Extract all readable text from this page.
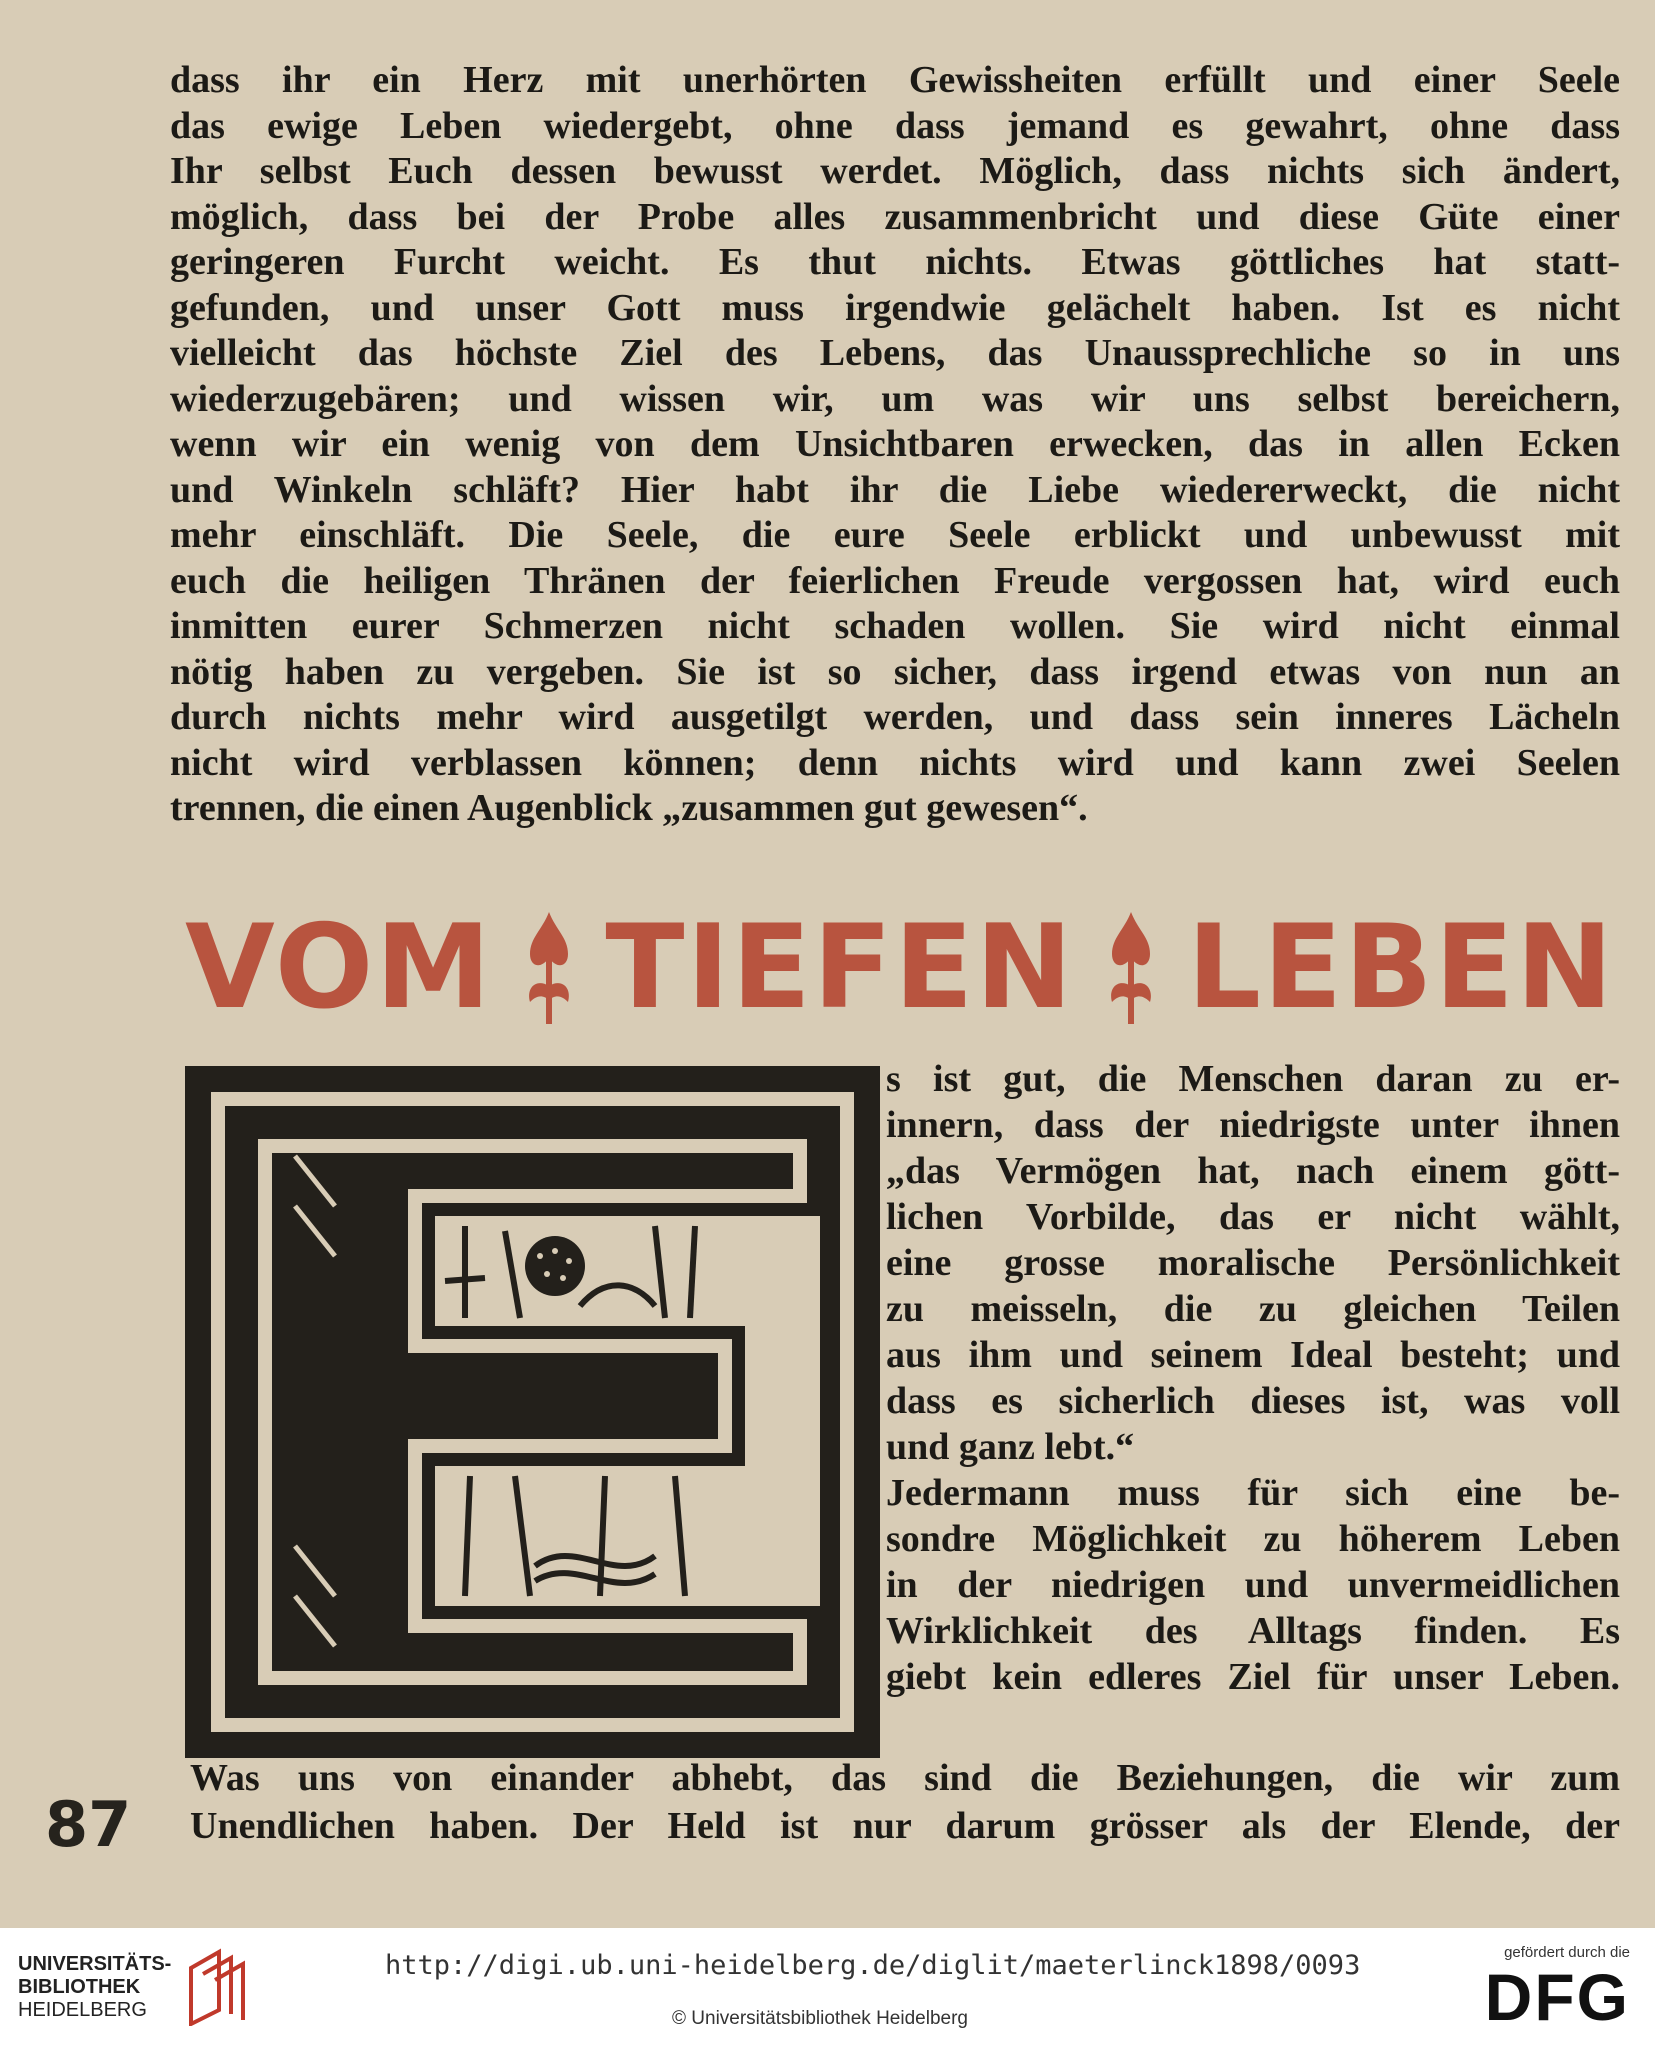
dass ihr ein Herz mit unerhörten Gewissheiten erfüllt und einer Seele
das ewige Leben wiedergebt, ohne dass jemand es gewahrt, ohne dass
Ihr selbst Euch dessen bewusst werdet. Möglich, dass nichts sich ändert,
möglich, dass bei der Probe alles zusammenbricht und diese Güte einer
geringeren Furcht weicht. Es thut nichts. Etwas göttliches hat statt-
gefunden, und unser Gott muss irgendwie gelächelt haben. Ist es nicht
vielleicht das höchste Ziel des Lebens, das Unaussprechliche so in uns
wiederzugebären; und wissen wir, um was wir uns selbst bereichern,
wenn wir ein wenig von dem Unsichtbaren erwecken, das in allen Ecken
und Winkeln schläft? Hier habt ihr die Liebe wiedererweckt, die nicht
mehr einschläft. Die Seele, die eure Seele erblickt und unbewusst mit
euch die heiligen Thränen der feierlichen Freude vergossen hat, wird euch
inmitten eurer Schmerzen nicht schaden wollen. Sie wird nicht einmal
nötig haben zu vergeben. Sie ist so sicher, dass irgend etwas von nun an
durch nichts mehr wird ausgetilgt werden, und dass sein inneres Lächeln
nicht wird verblassen können; denn nichts wird und kann zwei Seelen
trennen, die einen Augenblick „zusammen gut gewesen“.
VOM TIEFEN LEBEN
s ist gut, die Menschen daran zu er-
innern, dass der niedrigste unter ihnen
„das Vermögen hat, nach einem gött-
lichen Vorbilde, das er nicht wählt,
eine grosse moralische Persönlichkeit
zu meisseln, die zu gleichen Teilen
aus ihm und seinem Ideal besteht; und
dass es sicherlich dieses ist, was voll
und ganz lebt.“
Jedermann muss für sich eine be-
sondre Möglichkeit zu höherem Leben
in der niedrigen und unvermeidlichen
Wirklichkeit des Alltags finden. Es
giebt kein edleres Ziel für unser Leben.
Was uns von einander abhebt, das sind die Beziehungen, die wir zum
Unendlichen haben. Der Held ist nur darum grösser als der Elende, der
87
UNIVERSITÄTS-
BIBLIOTHEK
HEIDELBERG
http://digi.ub.uni-heidelberg.de/diglit/maeterlinck1898/0093
© Universitätsbibliothek Heidelberg
gefördert durch die
DFG
